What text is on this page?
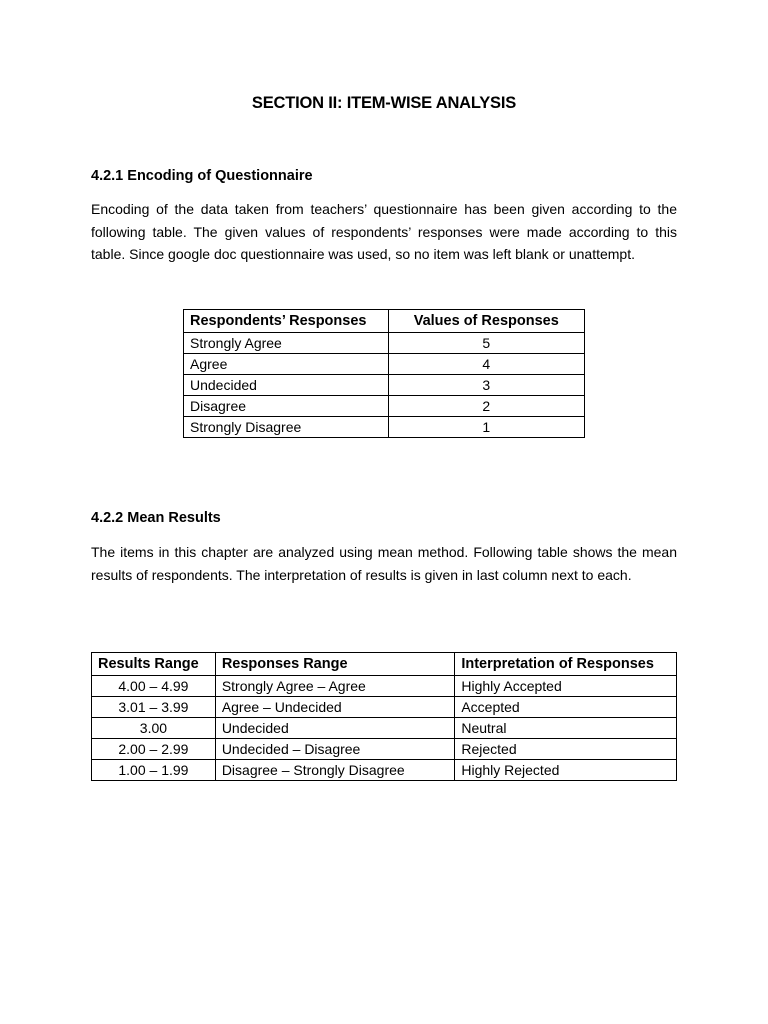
SECTION II: ITEM-WISE ANALYSIS
4.2.1 Encoding of Questionnaire
Encoding of the data taken from teachers’ questionnaire has been given according to the following table. The given values of respondents’ responses were made according to this table. Since google doc questionnaire was used, so no item was left blank or unattempt.
Respondents’ Responses	Values of Responses
Strongly Agree	5
Agree	4
Undecided	3
Disagree	2
Strongly Disagree	1
4.2.2 Mean Results
The items in this chapter are analyzed using mean method. Following table shows the mean results of respondents. The interpretation of results is given in last column next to each.
Results Range	Responses Range	Interpretation of Responses
4.00 – 4.99	Strongly Agree – Agree	Highly Accepted
3.01 – 3.99	Agree – Undecided	Accepted
3.00	Undecided	Neutral
2.00 – 2.99	Undecided – Disagree	Rejected
1.00 – 1.99	Disagree – Strongly Disagree	Highly Rejected
